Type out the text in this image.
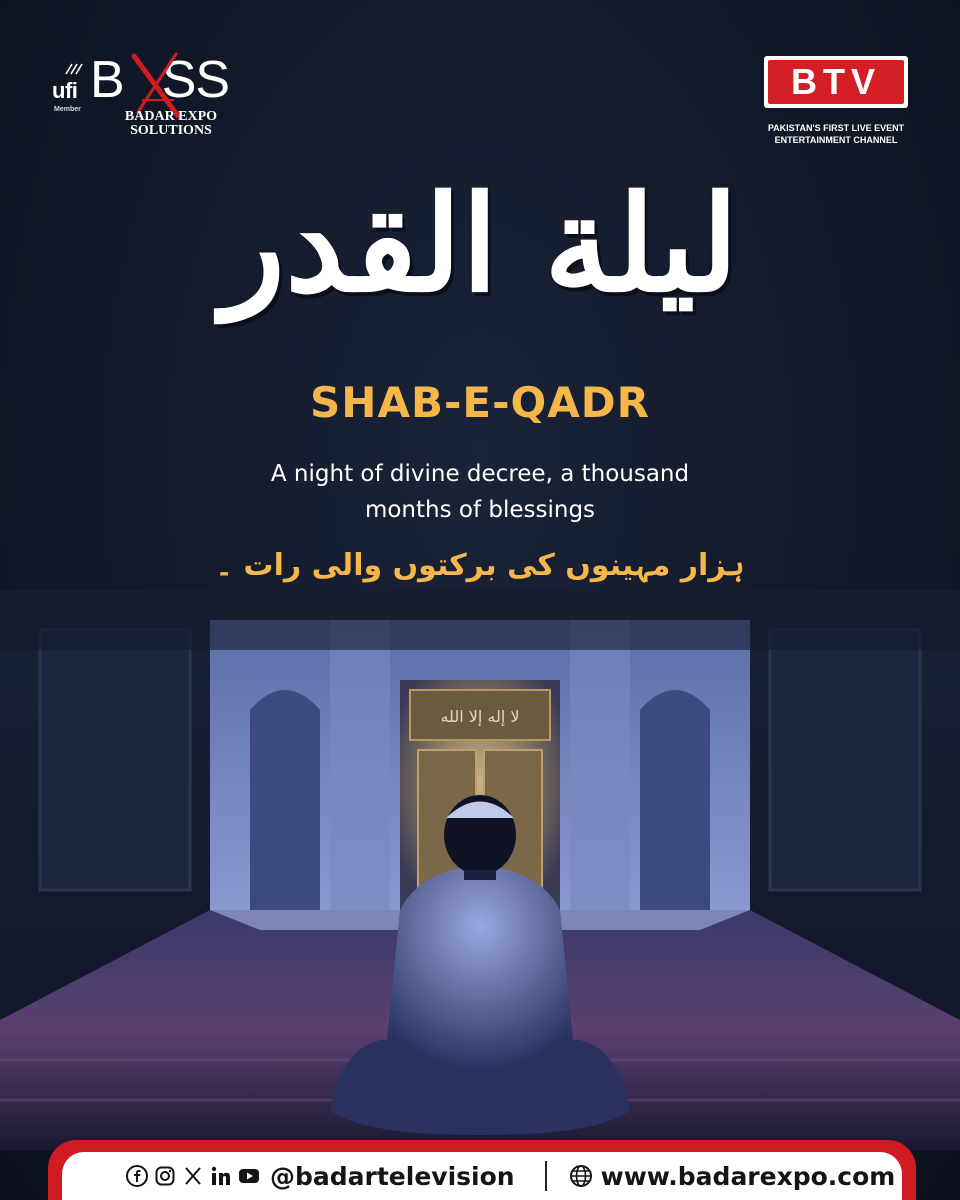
ufi
Member
B SS
BADAR EXPO
SOLUTIONS
BTV
PAKISTAN'S FIRST LIVE EVENT
ENTERTAINMENT CHANNEL
ليلة القدر
SHAB-E-QADR
A night of divine decree, a thousand
months of blessings
ہزار مہینوں کی برکتوں والی رات ۔
لا إله إلا الله
@badartelevision	www.badarexpo.com
